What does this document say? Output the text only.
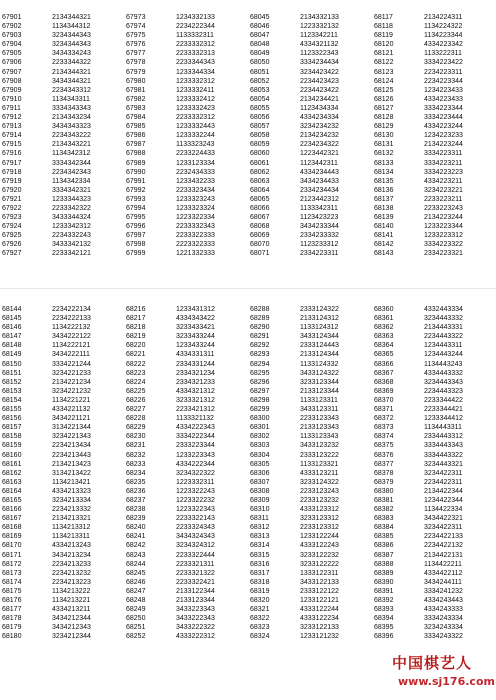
67901	2134344321	67973	1234332133	68045	2134332133	68117	2134224311
67902	1134344312	67974	2234222344	68046	1223332132	68118	1134224322
67903	3234344343	67975	1133332311	68047	1123342211	68119	1134223344
67904	3234344343	67976	2233332312	68048	4334321132	68120	4334223342
67905	3434334243	67977	2233332313	68049	1123322343	68121	1133222311
67906	2233344322	67978	2233344343	68050	3334234434	68122	3334223422
67907	2134344321	67979	1233344334	68051	3234423422	68123	2234223311
67908	3434344321	67980	1233332312	68052	2234423423	68124	2234223344
67909	2234343312	67981	1233332411	68053	2234423422	68125	1234223433
67910	1134343311	67982	1233332412	68054	2134234421	68126	4334223433
67911	3334343343	67983	1233332423	68055	1123434334	68127	3334223344
67912	2134343234	67984	2233332312	68056	4334234334	68128	3334223444
67913	3434343323	67985	1233332443	68057	3234234232	68129	4334223244
67914	2234343222	67986	1233332244	68058	2134234232	68130	1234223233
67915	2134343221	67987	1133323243	68059	2234234322	68131	2134223244
67916	1134342312	67988	2233224433	68060	1223442321	68132	3334223311
67917	3334342344	67989	1233123334	68061	1123442311	68133	3334223211
67918	2234342343	67990	2232434333	68062	4334234443	68134	3334223223
67919	1134342334	67991	1233432233	68063	3434234433	68135	4334223211
67920	3334342321	67992	2233323434	68064	2334234434	68136	3234223221
67921	1233344323	67993	1233323243	68065	2123442312	68137	2233223211
67922	2233342322	67994	1233323324	68066	1133342311	68138	2233223243
67923	3433344324	67995	1223322334	68067	1123423223	68139	2134223244
67924	1233342312	67996	2233332343	68068	3434233344	68140	1233223344
67925	2234332243	67997	2233322333	68069	2334233332	68141	1233223312
67926	3433342132	67998	2223322333	68070	1123233312	68142	3334223322
67927	2233342121	67999	1221332333	68071	2334223311	68143	2334223321
68144	2234222134	68216	1233431312	68288	2333124322	68360	4332443334
68145	2234222133	68217	4334343422	68289	2133124312	68361	3234443332
68146	1134222132	68218	3233433421	68290	1133124312	68362	2134443331
68147	3434222122	68219	3233433244	68291	3433124344	68363	2234443322
68148	1134222121	68220	1233433244	68292	2333124443	68364	1234443311
68149	3434222111	68221	4334331311	68293	2133124344	68365	1234443244
68150	3334221244	68222	2334331244	68294	1133124332	68366	1134443243
68151	3234221233	68223	2334321234	68295	3433124322	68367	4334443332
68152	2134221234	68224	2334321233	68296	3233123344	68368	3234443343
68153	3234221232	68225	4334321312	68297	2133123344	68369	2234443323
68154	1134221221	68226	3233321312	68298	1133123311	68370	2233344422
68155	4334221132	68227	2233421312	68299	3433123311	68371	2233344421
68156	3434221121	68228	1133321132	68300	2233123343	68372	1233344412
68157	3134221344	68229	4334222343	68301	2133123343	68373	1134443311
68158	3234221343	68230	3334222344	68302	1133123343	68374	2334443312
68159	2234213434	68231	2333223344	68303	3433123232	68375	3334443343
68160	2234213443	68232	1233223343	68304	2333123222	68376	3334443322
68161	2134213423	68233	4334222344	68305	1133123321	68377	3234443321
68162	3134213422	68234	3234322322	68306	4333123211	68378	3234422311
68163	1134213421	68235	1223332311	68307	3233124322	68379	2234422311
68164	4334213323	68236	1223322243	68308	2233123243	68380	2134422344
68165	3234213334	68237	1223322232	68309	2233123232	68381	1234422344
68166	2234213332	68238	1223322343	68310	4333123312	68382	1134422334
68167	2134213321	68239	2233322143	68311	3233123312	68383	3434422321
68168	1134213312	68240	2233324343	68312	2233123312	68384	3234422311
68169	1134213311	68241	3434324343	68313	1233122244	68385	2234422133
68170	4334213243	68242	3234324312	68314	4333122243	68386	2234422132
68171	3434213234	68243	2233322444	68315	3233122232	68387	2134422131
68172	2234213233	68244	2233321311	68316	3233122222	68388	1134422211
68173	2234213232	68245	2233321322	68317	1333122311	68389	4334422112
68174	2234213223	68246	2233322421	68318	3433122133	68390	3434244111
68175	1134213222	68247	2133122344	68319	2333122122	68391	3334241232
68176	1134213221	68248	2133123344	68320	1233122121	68392	4334243443
68177	4334213211	68249	3433223343	68321	4333122244	68393	4334243333
68178	3434212344	68250	3433222343	68322	4333122234	68394	3334243334
68179	3434212343	68251	3433222322	68323	3233122133	68395	3234243334
68180	3234212344	68252	4333222312	68324	1233121232	68396	3334243322
中国棋艺人
www.sj176.com
